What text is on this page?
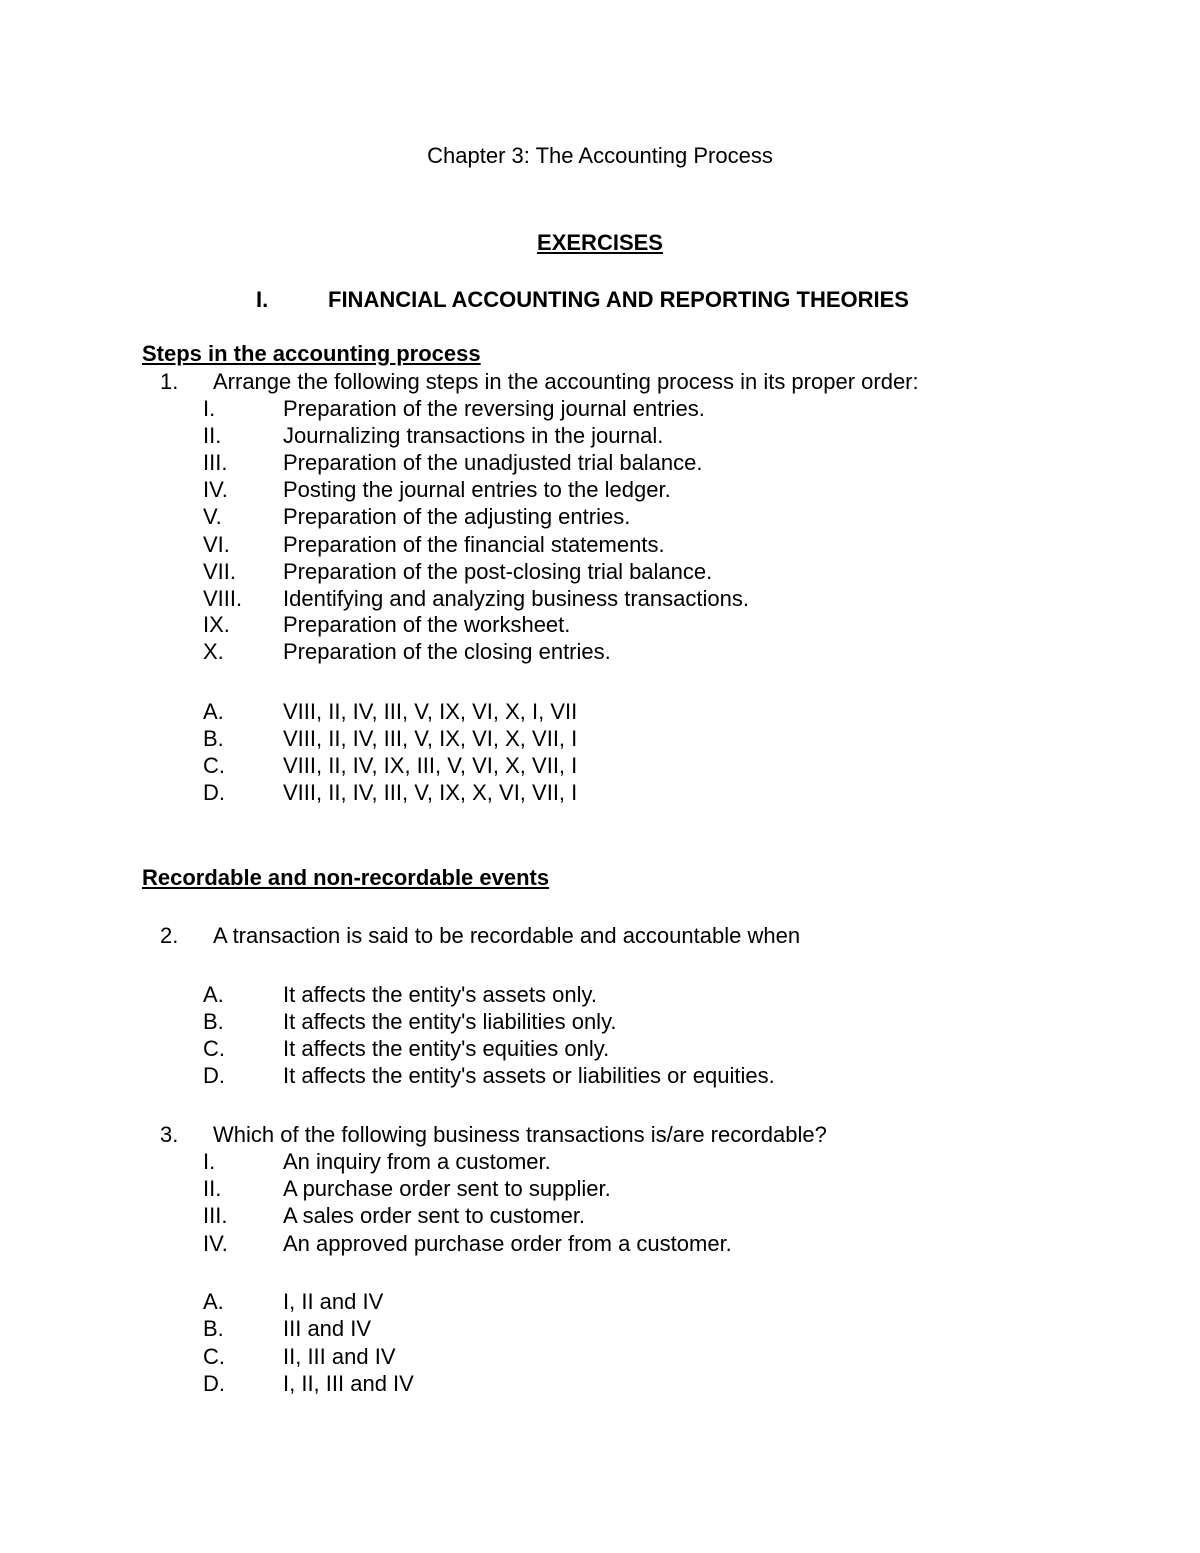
Chapter 3: The Accounting Process
EXERCISES
I.	FINANCIAL ACCOUNTING AND REPORTING THEORIES
Steps in the accounting process
1. Arrange the following steps in the accounting process in its proper order:
I.	Preparation of the reversing journal entries.
II.	Journalizing transactions in the journal.
III.	Preparation of the unadjusted trial balance.
IV.	Posting the journal entries to the ledger.
V.	Preparation of the adjusting entries.
VI. Preparation of the financial statements.
VII. Preparation of the post-closing trial balance.
VIII. Identifying and analyzing business transactions.
IX. Preparation of the worksheet.
X.	Preparation of the closing entries.
A.	VIII, II, IV, III, V, IX, VI, X, I, VII
B.	VIII, II, IV, III, V, IX, VI, X, VII, I
C.	VIII, II, IV, IX, III, V, VI, X, VII, I
D.	VIII, II, IV, III, V, IX, X, VI, VII, I
Recordable and non-recordable events
2. A transaction is said to be recordable and accountable when
A.	It affects the entity's assets only.
B.	It affects the entity's liabilities only.
C.	It affects the entity's equities only.
D.	It affects the entity's assets or liabilities or equities.
3. Which of the following business transactions is/are recordable?
I.	An inquiry from a customer.
II.	A purchase order sent to supplier.
III.	A sales order sent to customer.
IV.	An approved purchase order from a customer.
A.	I, II and IV
B.	III and IV
C.	II, III and IV
D.	I, II, III and IV
